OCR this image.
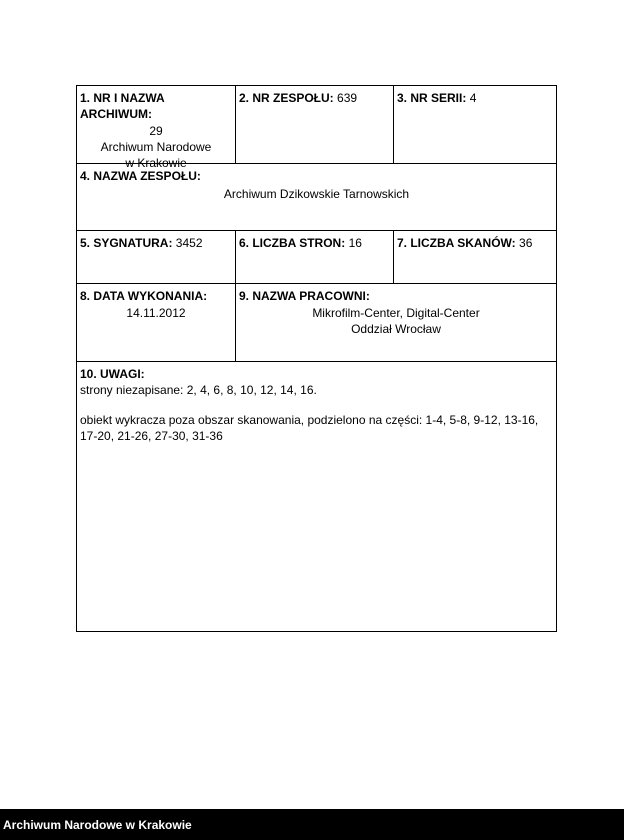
1. NR I NAZWA ARCHIWUM:
29
Archiwum Narodowe
w Krakowie
2. NR ZESPOŁU: 639	3. NR SERII: 4
4. NAZWA ZESPOŁU:
Archiwum Dzikowskie Tarnowskich
5. SYGNATURA: 3452	6. LICZBA STRON: 16	7. LICZBA SKANÓW: 36
8. DATA WYKONANIA:
14.11.2012
9. NAZWA PRACOWNI:
Mikrofilm-Center, Digital-Center
Oddział Wrocław
10. UWAGI:
strony niezapisane: 2, 4, 6, 8, 10, 12, 14, 16.
obiekt wykracza poza obszar skanowania, podzielono na części: 1-4, 5-8, 9-12, 13-16,
17-20, 21-26, 27-30, 31-36
Archiwum Narodowe w Krakowie
